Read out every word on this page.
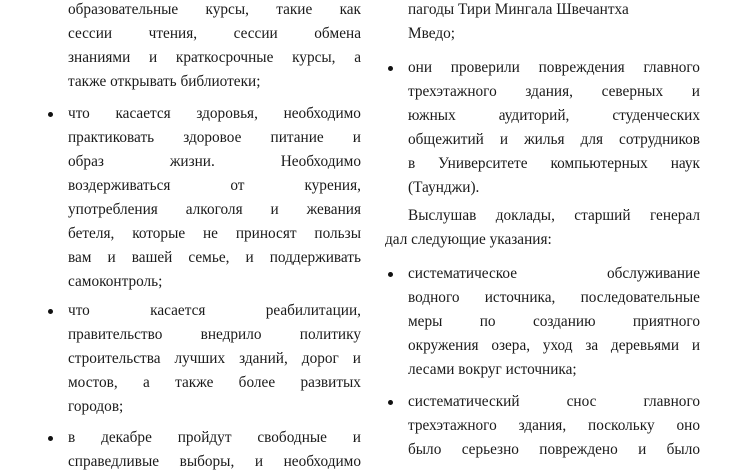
образовательные курсы, такие как
сессии чтения, сессии обмена
знаниями и краткосрочные курсы, а
также открывать библиотеки;
что касается здоровья, необходимо
практиковать здоровое питание и
образ	жизни.	Необходимо
воздерживаться	от	курения,
употребления алкоголя и жевания
бетеля, которые не приносят пользы
вам и вашей семье, и поддерживать
самоконтроль;
что	касается	реабилитации,
правительство	внедрило	политику
строительства лучших зданий, дорог и
мостов, а также более развитых
городов;
в декабре пройдут свободные и
справедливые выборы, и необходимо
пагоды Тири Мингала Швечантха
Мведо;
они проверили повреждения главного
трехэтажного здания, северных и
южных	аудиторий,	студенческих
общежитий и жилья для сотрудников
в Университете компьютерных наук
(Таунджи).
Выслушав доклады, старший генерал
дал следующие указания:
систематическое	обслуживание
водного источника, последовательные
меры по созданию приятного
окружения озера, уход за деревьями и
лесами вокруг источника;
систематический	снос	главного
трехэтажного здания, поскольку оно
было серьезно повреждено и было
